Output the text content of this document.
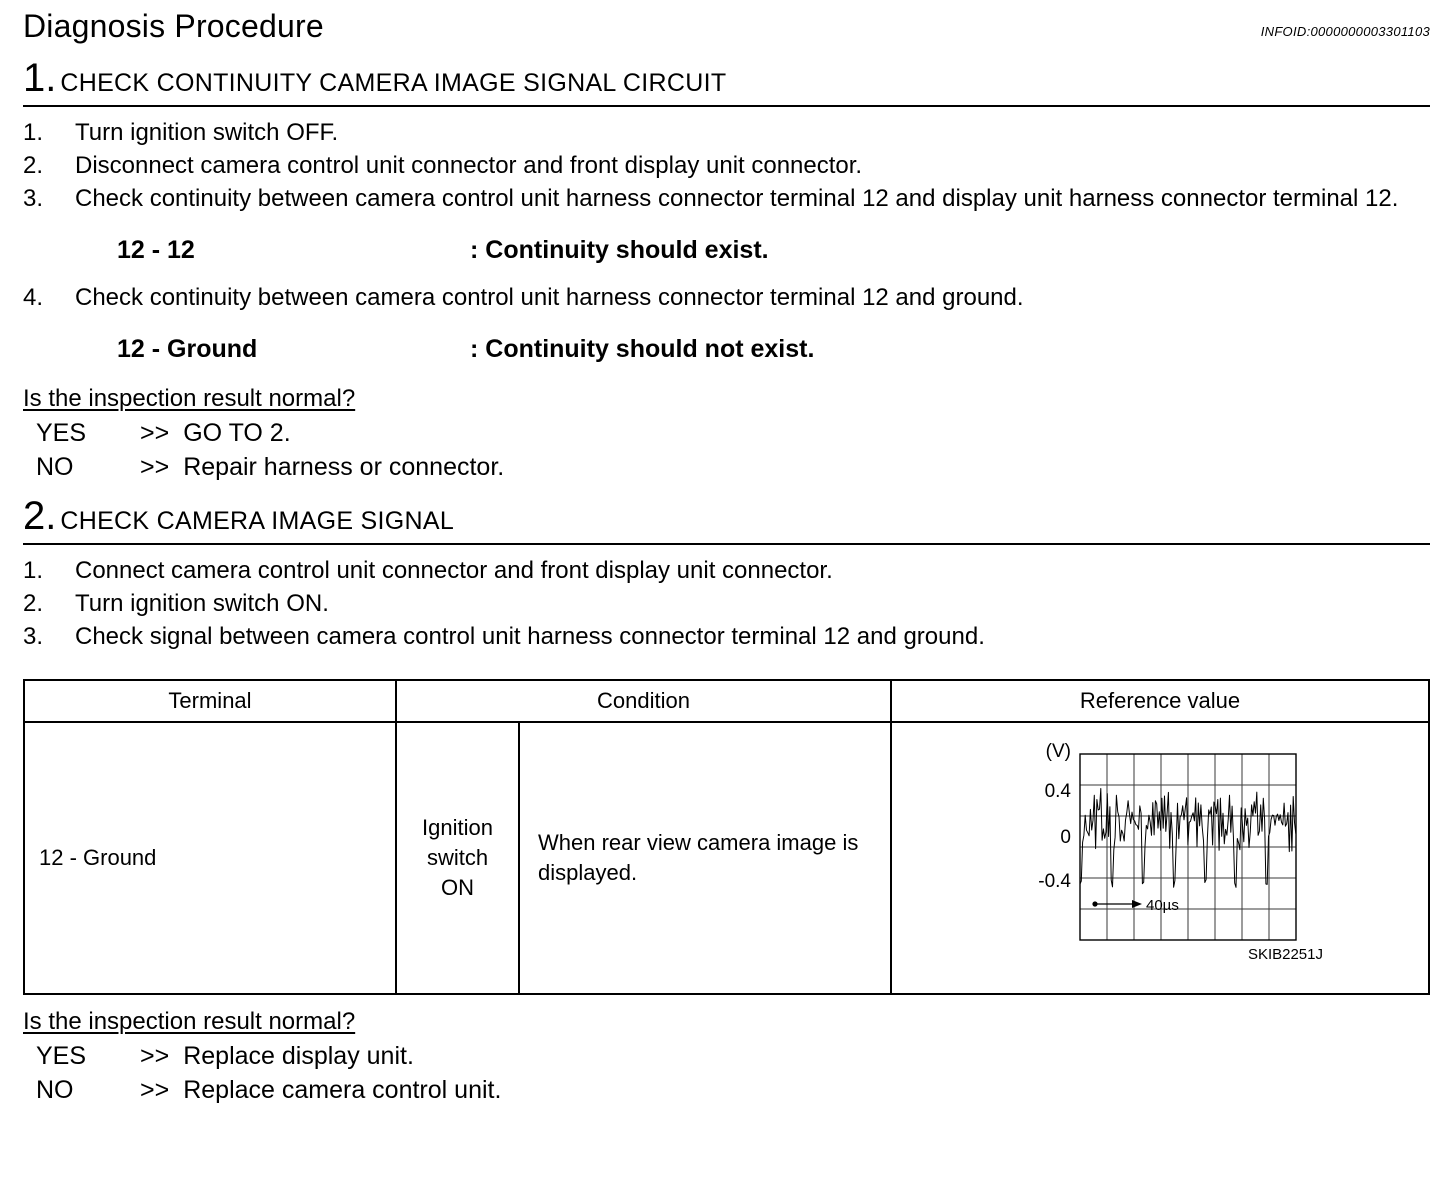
Diagnosis Procedure	INFOID:0000000003301103
1. CHECK CONTINUITY CAMERA IMAGE SIGNAL CIRCUIT
1.	Turn ignition switch OFF.
2.	Disconnect camera control unit connector and front display unit connector.
3.	Check continuity between camera control unit harness connector terminal 12 and display unit harness connector terminal 12.
12 - 12	: Continuity should exist.
4.	Check continuity between camera control unit harness connector terminal 12 and ground.
12 - Ground	: Continuity should not exist.
Is the inspection result normal?
YES	>> GO TO 2.
NO	>> Repair harness or connector.
2. CHECK CAMERA IMAGE SIGNAL
1.	Connect camera control unit connector and front display unit connector.
2.	Turn ignition switch ON.
3.	Check signal between camera control unit harness connector terminal 12 and ground.
Terminal	Condition		Reference value
12 - Ground	Ignition switch ON	When rear view camera image is displayed.	
(V)
0.4
0
-0.4
40µs
SKIB2251J
Is the inspection result normal?
YES	>> Replace display unit.
NO	>> Replace camera control unit.
